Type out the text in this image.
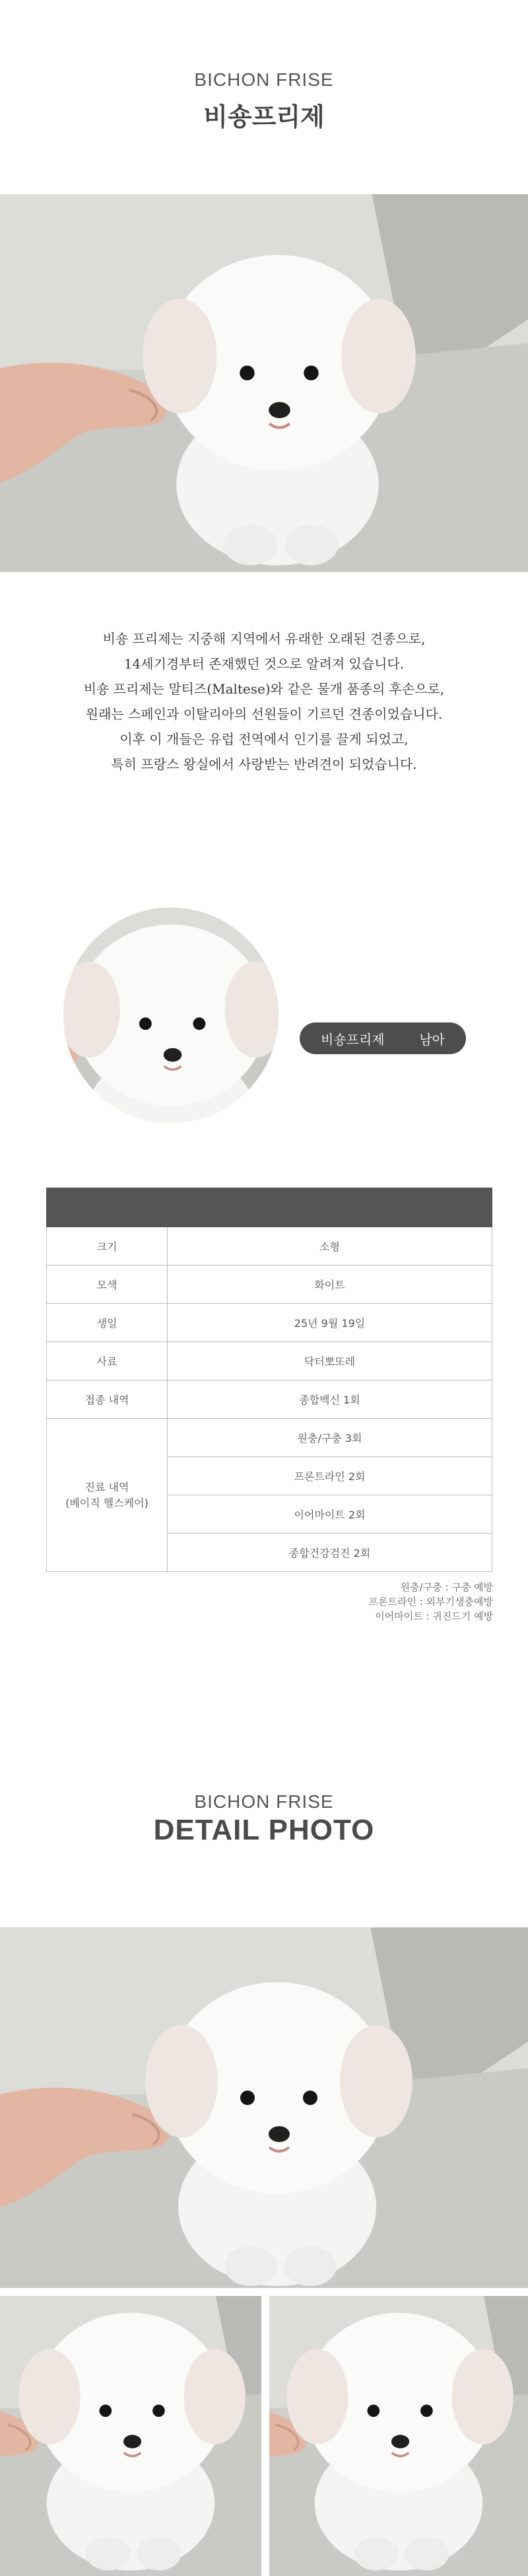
BICHON FRISE
비숑프리제

비숑 프리제는 지중해 지역에서 유래한 오래된 견종으로,

14세기경부터 존재했던 것으로 알려져 있습니다.

비숑 프리제는 말티즈(Maltese)와 같은 물개 품종의 후손으로,

원래는 스페인과 이탈리아의 선원들이 기르던 견종이었습니다.

이후 이 개들은 유럽 전역에서 인기를 끌게 되었고,

특히 프랑스 왕실에서 사랑받는 반려견이 되었습니다.

비숑프리제	남아

크기	소형
모색	화이트
생일	25년 9월 19일
사료	닥터뽀또레
접종 내역	종합백신 1회

진료 내역
(베이직 헬스케어)	원충/구충 3회
	프론트라인 2회
	이어마이트 2회
	종합건강검진 2회
원충/구충 : 구충 예방
프론트라인 : 외부기생충예방
이어마이트 : 귀진드기 예방
BICHON FRISE
DETAIL PHOTO
